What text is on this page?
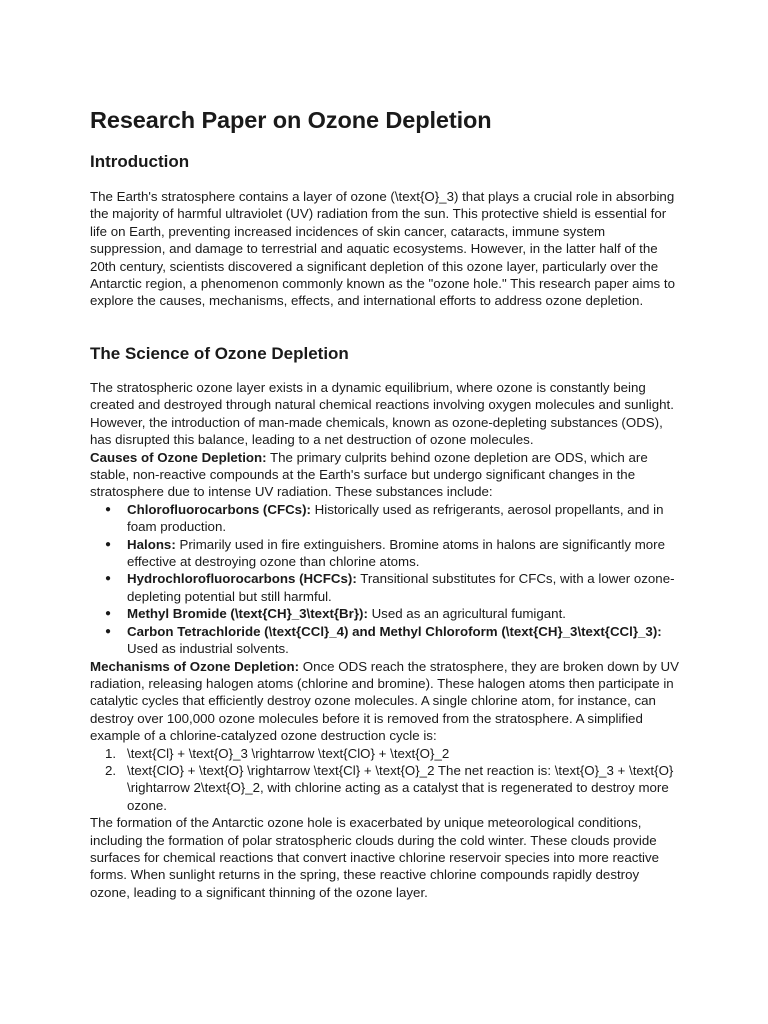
Research Paper on Ozone Depletion
Introduction

The Earth's stratosphere contains a layer of ozone (\text{O}_3) that plays a crucial role in absorbing the majority of harmful ultraviolet (UV) radiation from the sun. This protective shield is essential for life on Earth, preventing increased incidences of skin cancer, cataracts, immune system suppression, and damage to terrestrial and aquatic ecosystems. However, in the latter half of the 20th century, scientists discovered a significant depletion of this ozone layer, particularly over the Antarctic region, a phenomenon commonly known as the "ozone hole." This research paper aims to explore the causes, mechanisms, effects, and international efforts to address ozone depletion.

The Science of Ozone Depletion

The stratospheric ozone layer exists in a dynamic equilibrium, where ozone is constantly being created and destroyed through natural chemical reactions involving oxygen molecules and sunlight. However, the introduction of man-made chemicals, known as ozone-depleting substances (ODS), has disrupted this balance, leading to a net destruction of ozone molecules.

Causes of Ozone Depletion: The primary culprits behind ozone depletion are ODS, which are stable, non-reactive compounds at the Earth's surface but undergo significant changes in the stratosphere due to intense UV radiation. These substances include:

● Chlorofluorocarbons (CFCs): Historically used as refrigerants, aerosol propellants, and in foam production.
● Halons: Primarily used in fire extinguishers. Bromine atoms in halons are significantly more effective at destroying ozone than chlorine atoms.
● Hydrochlorofluorocarbons (HCFCs): Transitional substitutes for CFCs, with a lower ozone-depleting potential but still harmful.
● Methyl Bromide (\text{CH}_3\text{Br}): Used as an agricultural fumigant.
● Carbon Tetrachloride (\text{CCl}_4) and Methyl Chloroform (\text{CH}_3\text{CCl}_3): Used as industrial solvents.

Mechanisms of Ozone Depletion: Once ODS reach the stratosphere, they are broken down by UV radiation, releasing halogen atoms (chlorine and bromine). These halogen atoms then participate in catalytic cycles that efficiently destroy ozone molecules. A single chlorine atom, for instance, can destroy over 100,000 ozone molecules before it is removed from the stratosphere. A simplified example of a chlorine-catalyzed ozone destruction cycle is:

1. \text{Cl} + \text{O}_3 \rightarrow \text{ClO} + \text{O}_2
2. \text{ClO} + \text{O} \rightarrow \text{Cl} + \text{O}_2 The net reaction is: \text{O}_3 + \text{O} \rightarrow 2\text{O}_2, with chlorine acting as a catalyst that is regenerated to destroy more ozone.

The formation of the Antarctic ozone hole is exacerbated by unique meteorological conditions, including the formation of polar stratospheric clouds during the cold winter. These clouds provide surfaces for chemical reactions that convert inactive chlorine reservoir species into more reactive forms. When sunlight returns in the spring, these reactive chlorine compounds rapidly destroy ozone, leading to a significant thinning of the ozone layer.
